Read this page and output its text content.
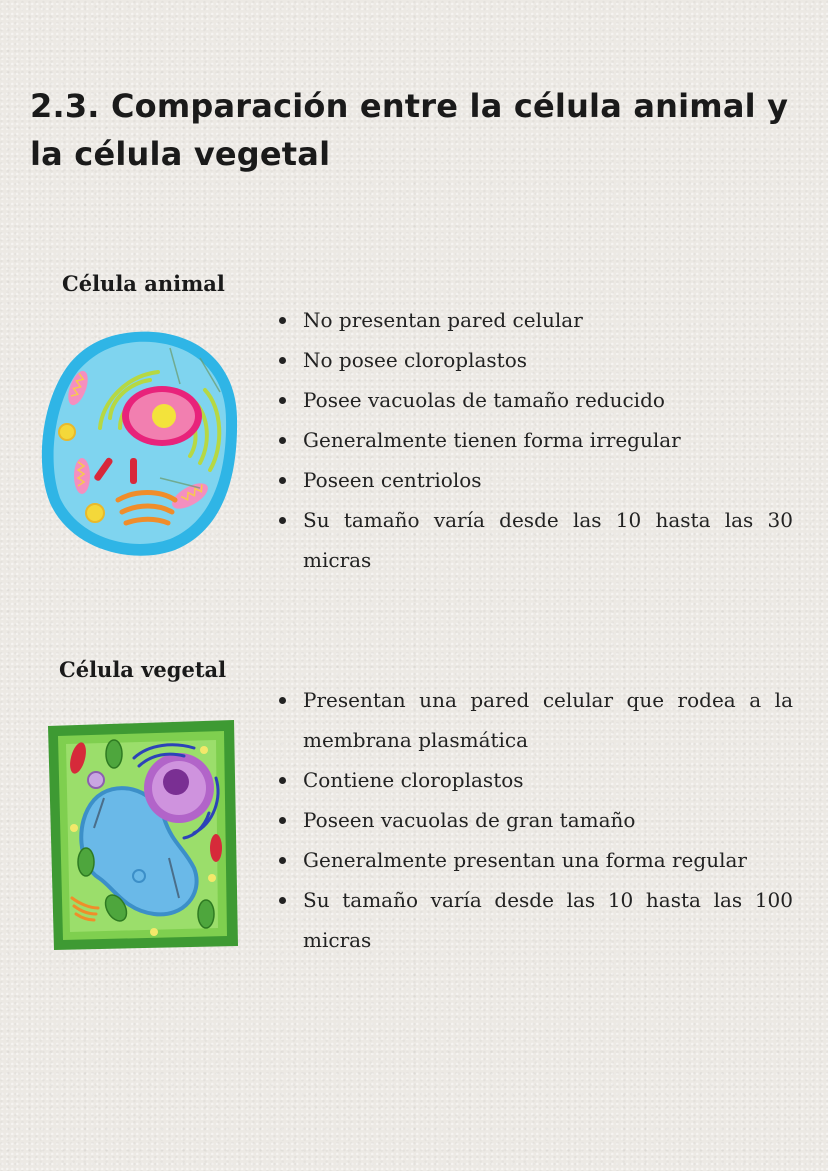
2.3. Comparación entre la célula animal y la célula vegetal
Célula animal
No presentan pared celular
No posee cloroplastos
Posee vacuolas de tamaño reducido
Generalmente tienen forma irregular
Poseen centriolos
Su tamaño varía desde las 10 hasta las 30 micras
Célula vegetal
Presentan una pared celular que rodea a la membrana plasmática
Contiene cloroplastos
Poseen vacuolas de gran tamaño
Generalmente presentan una forma regular
Su tamaño varía desde las 10 hasta las 100 micras
